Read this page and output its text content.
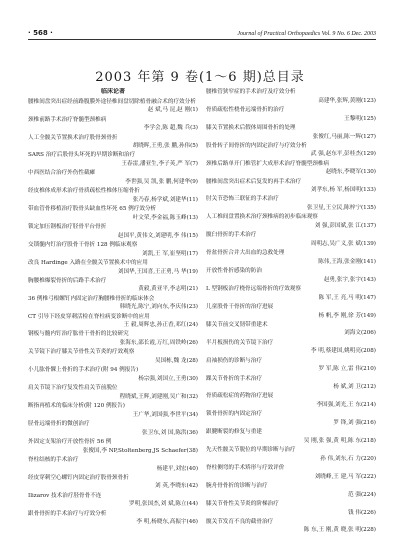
· 568 ·	Journal of Practical Orthopaedics Vol. 9 No. 6 Dec. 2003
2003 年第 9 卷(1～6 期)总目录
临床论著
腰椎间盘突出症经前路腹膜外途径椎间盘切除植骨融合术的疗效分析
赵 斌,马 昆,赵 刚(1)
颈椎前路手术治疗脊髓型颈椎病
李学会,陈 超,魏 兵(3)
人工全髋关节置换术治疗股骨颈骨折
胡晓晖,王勇,张 鹏,孙伟(5)
SARS 治疗后股骨头坏死的早期诊断和治疗
王春雷,潘亚生,李子英,严 军(7)
中西医结合治疗外伤性截瘫
李世强,吴 凯,张 鹏,何建华(9)
经皮椎体成形术治疗骨质疏松性椎体压缩骨折
张乃春,杨学斌,刘建华(11)
带血管骨移植治疗股骨头缺血性坏死 65 例疗效分析
叶文荣,李金福,陈玉峰(13)
锁定加压钢板治疗胫骨平台骨折
赵国平,黄伟文,刘建明,李 伟(15)
交锁髓内钉治疗股骨干骨折 128 例临床观察
刘凯,王 军,崔坚明(17)
改良 Hardinge 入路在全髋关节置换术中的应用
刘国华,王国喜,王正勇,马 华(19)
胸腰椎爆裂骨折的后路手术治疗
黄毅,黄亚平,李志明(21)
36 例椎弓根螺钉内固定治疗胸腰椎骨折的临床体会
韩晓光,陈宁,刘向东,李庆伟(23)
CT 引导下经皮穿刺活检在脊柱病变诊断中的应用
王 毅,周辉忠,孙正香,邓红(24)
钢板与髓内钉治疗肱骨干骨折的比较研究
张海东,邵长霞,万红,周铁岭(26)
关节镜下治疗膝关节骨性关节炎的疗效观察
吴国栋,魏 龙(28)
小儿肱骨髁上骨折的手术治疗(附 94 例报告)
杨宗强,刘国立,王勇(30)
肩关节镜下治疗复发性肩关节前脱位
程晓斌,王辉,刘建刚,吴广和(32)
断指再植术的临床分析(附 120 例报告)
王广华,刘国强,李世平(34)
胫骨远端骨折的微创治疗
张卫东,刘 国,陈洪(36)
外固定支架治疗开放性骨折 56 例
张俊国,李 NP,Stoltenberg,JS Schaefer(38)
脊柱结核的手术治疗
杨建平,刘宏(40)
经皮穿刺空心螺钉内固定治疗股骨颈骨折
刘 英,李晓东(42)
Ilizarov 技术治疗胫骨骨不连
罗明,张国杰,刘 斌,陈立(44)
跟骨骨折的手术治疗与疗效分析
李 明,杨晓东,高振宇(46)
腰椎管狭窄症的手术治疗及疗效分析
高建华,张辉,黄刚(123)
骨质疏松性桡骨远端骨折的治疗
王黎明(125)
膝关节置换术后假体周围骨折的处理
张俊红,马丽,陈一辉(127)
股骨转子间骨折的内固定治疗与疗效分析
武 强,赵东平,彭桂杰(129)
颈椎后路单开门椎管扩大成形术治疗脊髓型颈椎病
赵晓东,李晓军(130)
腰椎间盘突出症术后复发的再手术治疗
刘孝东,杨 军,杨国明(133)
肘关节恐怖三联征的手术治疗
张卫星,王立民,陈梓宁(135)
人工椎间盘置换术治疗颈椎病的初步临床观察
刘 强,彭国斌,张 江(137)
髋臼骨折的手术治疗
周明志,吴广义,张 斌(139)
骨盆骨折合并大出血的急救处理
陈伟,王海,张金刚(141)
开放性骨折感染的防治
赵勇,张宇,张宇(143)
L 型钢板治疗桡骨远端骨折的疗效观察
陈 军,王 亮,马 明(147)
儿童股骨干骨折的治疗进展
杨 帆,李 刚,徐 芳(149)
膝关节前交叉韧带重建术
刘海文(206)
半月板损伤的关节镜下治疗
李 明,蔡建国,姚明亮(208)
肩袖损伤的诊断与治疗
罗 军,陈 立,雷 伟(210)
踝关节骨折的手术治疗
杨 斌,刘 卫(212)
骨质疏松症的药物治疗进展
李国强,刘光,王 东(214)
锁骨骨折的内固定治疗
罗 锋,刘 强(216)
跟腱断裂的修复与重建
吴 刚,张 强,黄 明,陈 东(218)
先天性髋关节脱位的早期诊断与治疗
孙 伟,刘东,石 力(220)
脊柱侧弯的手术矫形与疗效评价
刘晓峰,王 建,马 军(222)
腕舟骨骨折的诊断与治疗
范 强(224)
膝关节骨性关节炎的阶梯治疗
钱 伟(226)
髋关节发育不良的截骨治疗
陈 东,王 刚,黄 晓,张 明(228)
